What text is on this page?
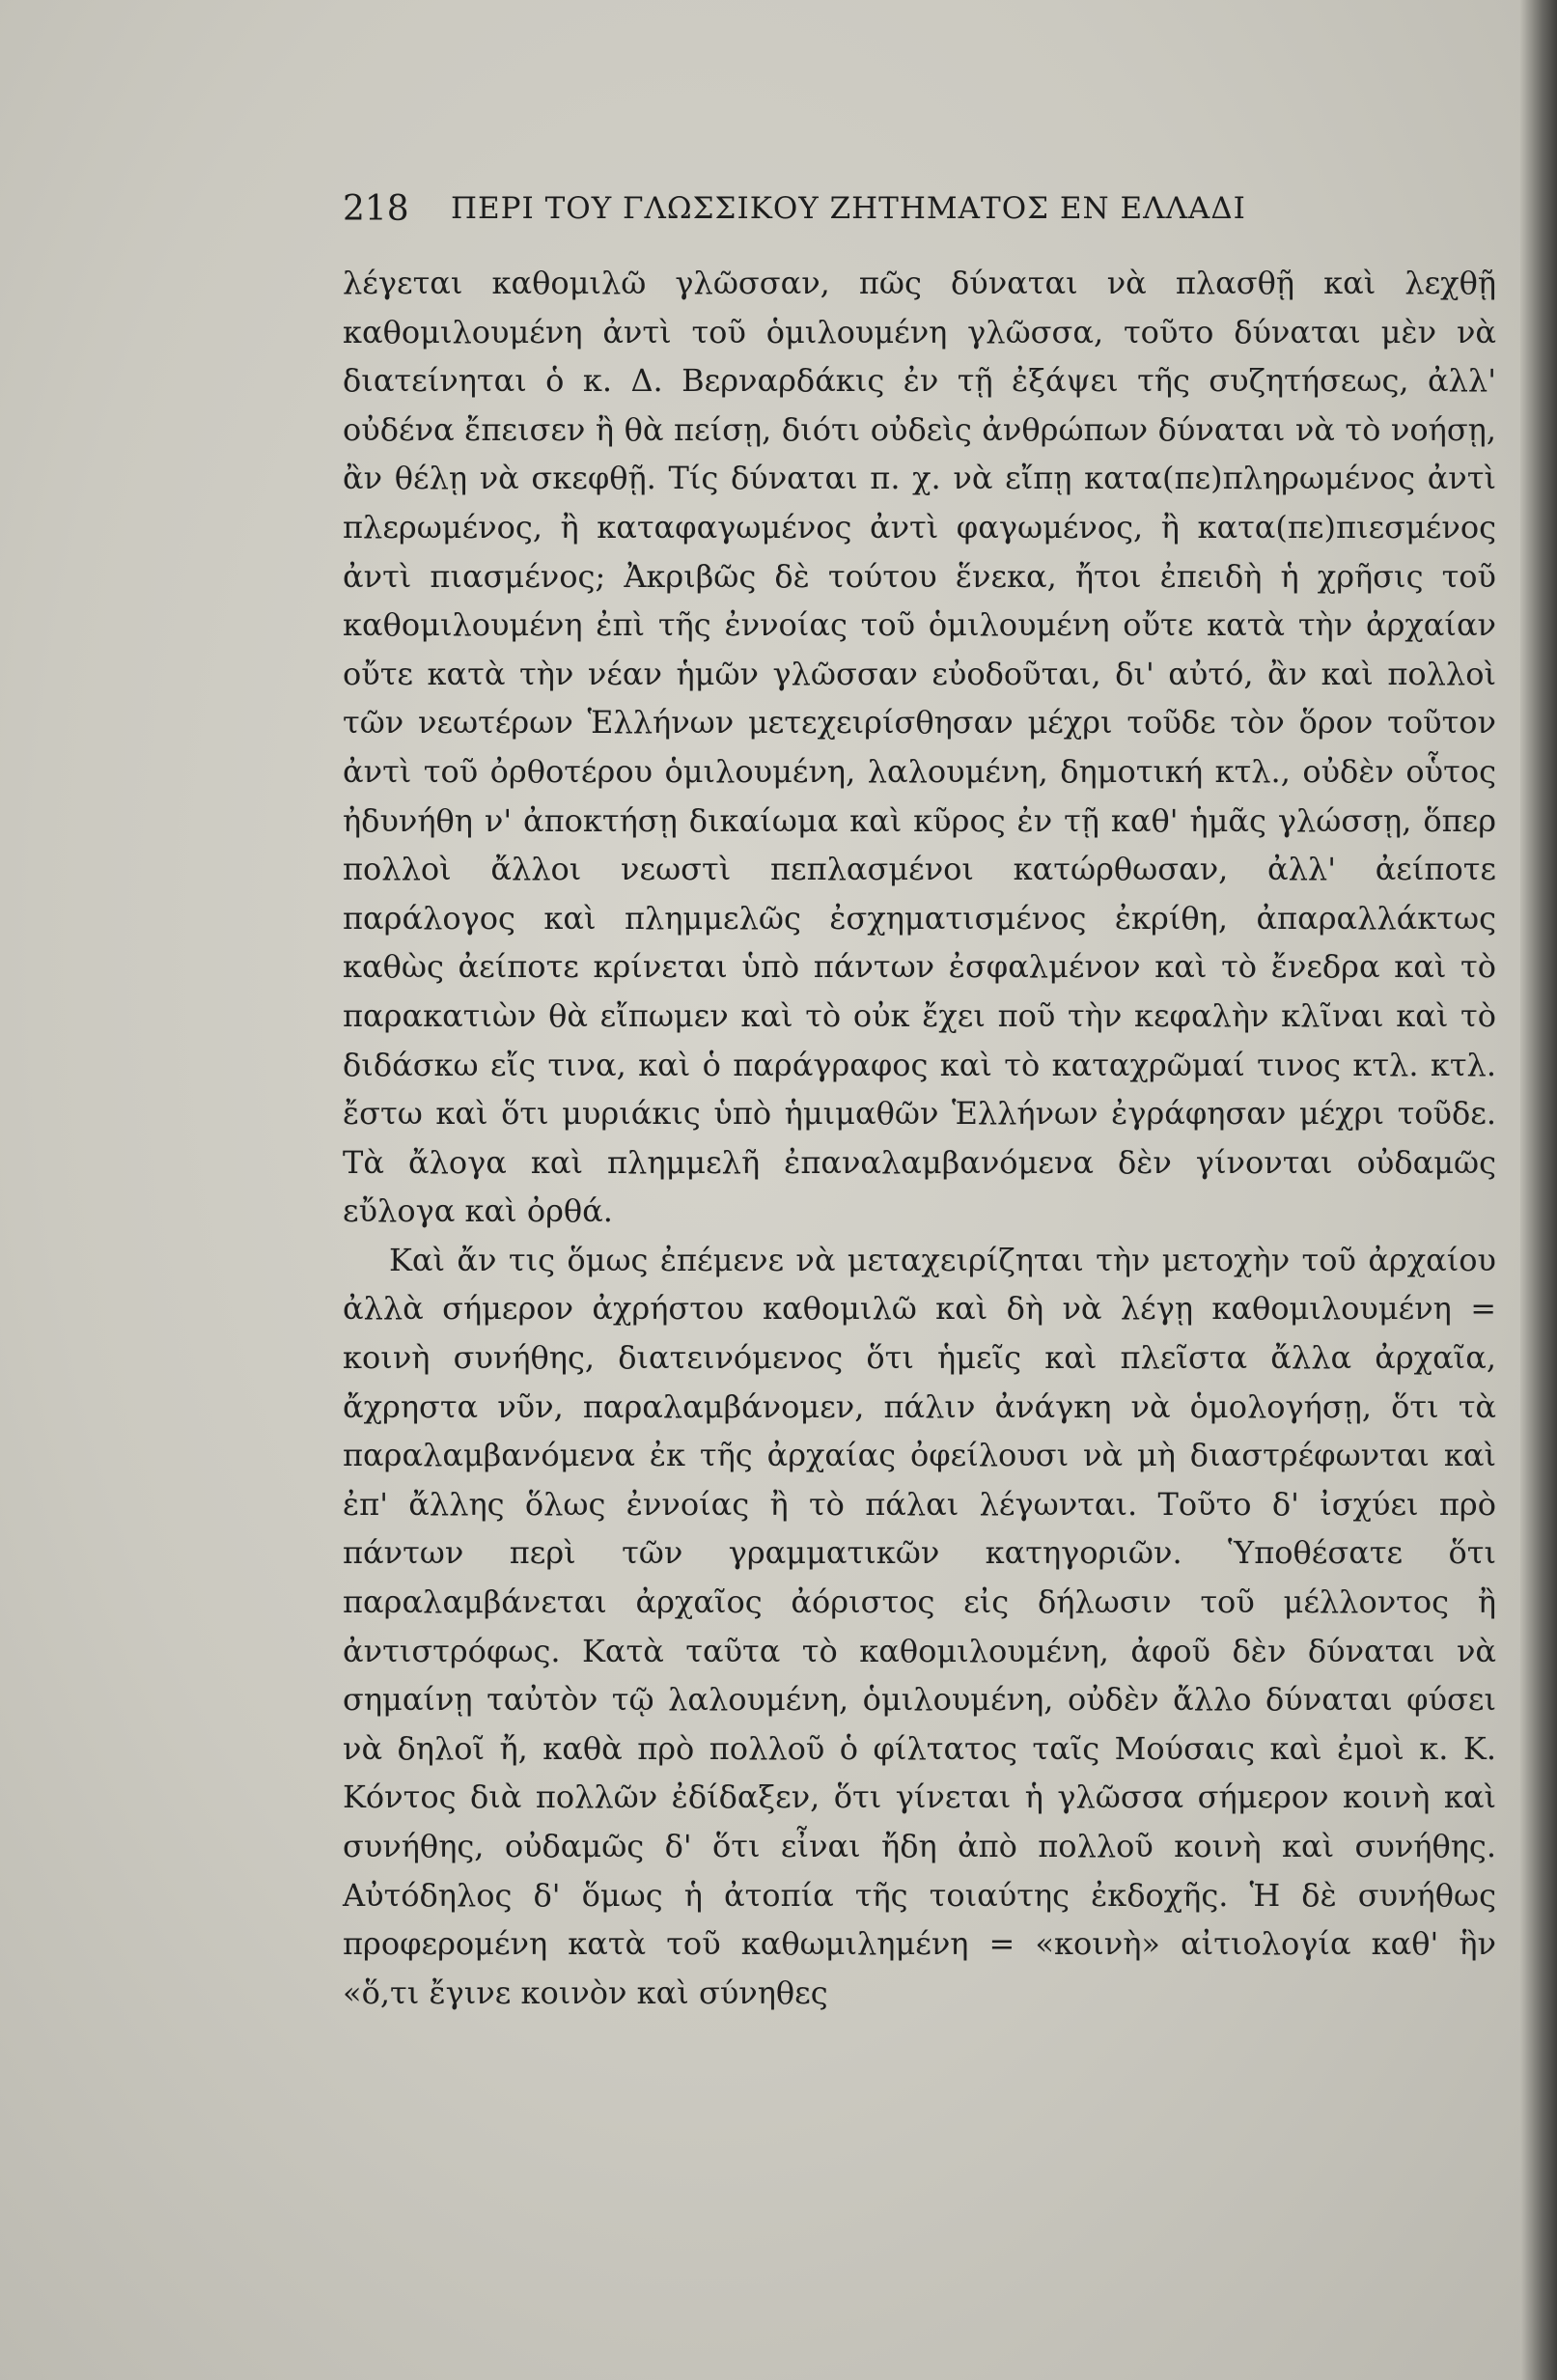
218 ΠΕΡΙ ΤΟΥ ΓΛΩΣΣΙΚΟΥ ΖΗΤΗΜΑΤΟΣ ΕΝ ΕΛΛΑΔΙ

λέγεται καθομιλῶ γλῶσσαν, πῶς δύναται νὰ πλασθῇ καὶ λεχθῇ καθομιλουμένη ἀντὶ τοῦ ὁμιλουμένη γλῶσσα, τοῦτο δύναται μὲν νὰ διατείνηται ὁ κ. Δ. Βερναρδάκις ἐν τῇ ἐξάψει τῆς συζητήσεως, ἀλλ' οὐδένα ἔπεισεν ἢ θὰ πείσῃ, διότι οὐδεὶς ἀνθρώπων δύναται νὰ τὸ νοήσῃ, ἂν θέλῃ νὰ σκεφθῇ. Τίς δύναται π. χ. νὰ εἴπῃ κατα(πε)πληρωμένος ἀντὶ πλερωμένος, ἢ καταφαγωμένος ἀντὶ φαγωμένος, ἢ κατα(πε)πιεσμένος ἀντὶ πιασμένος; Ἀκριβῶς δὲ τούτου ἕνεκα, ἤτοι ἐπειδὴ ἡ χρῆσις τοῦ καθομιλουμένη ἐπὶ τῆς ἐννοίας τοῦ ὁμιλουμένη οὔτε κατὰ τὴν ἀρχαίαν οὔτε κατὰ τὴν νέαν ἡμῶν γλῶσσαν εὐοδοῦται, δι' αὐτό, ἂν καὶ πολλοὶ τῶν νεωτέρων Ἑλλήνων μετεχειρίσθησαν μέχρι τοῦδε τὸν ὅρον τοῦτον ἀντὶ τοῦ ὀρθοτέρου ὁμιλουμένη, λαλουμένη, δημοτική κτλ., οὐδὲν οὗτος ἠδυνήθη ν' ἀποκτήσῃ δικαίωμα καὶ κῦρος ἐν τῇ καθ' ἡμᾶς γλώσσῃ, ὅπερ πολλοὶ ἄλλοι νεωστὶ πεπλασμένοι κατώρθωσαν, ἀλλ' ἀείποτε παράλογος καὶ πλημμελῶς ἐσχηματισμένος ἐκρίθη, ἀπαραλλάκτως καθὼς ἀείποτε κρίνεται ὑπὸ πάντων ἐσφαλμένον καὶ τὸ ἔνεδρα καὶ τὸ παρακατιὼν θὰ εἴπωμεν καὶ τὸ οὐκ ἔχει ποῦ τὴν κεφαλὴν κλῖναι καὶ τὸ διδάσκω εἴς τινα, καὶ ὁ παράγραφος καὶ τὸ καταχρῶμαί τινος κτλ. κτλ. ἔστω καὶ ὅτι μυριάκις ὑπὸ ἡμιμαθῶν Ἑλλήνων ἐγράφησαν μέχρι τοῦδε. Τὰ ἄλογα καὶ πλημμελῆ ἐπαναλαμβανόμενα δὲν γίνονται οὐδαμῶς εὔλογα καὶ ὀρθά.

Καὶ ἄν τις ὅμως ἐπέμενε νὰ μεταχειρίζηται τὴν μετοχὴν τοῦ ἀρχαίου ἀλλὰ σήμερον ἀχρήστου καθομιλῶ καὶ δὴ νὰ λέγῃ καθομιλουμένη = κοινὴ συνήθης, διατεινόμενος ὅτι ἡμεῖς καὶ πλεῖστα ἄλλα ἀρχαῖα, ἄχρηστα νῦν, παραλαμβάνομεν, πάλιν ἀνάγκη νὰ ὁμολογήσῃ, ὅτι τὰ παραλαμβανόμενα ἐκ τῆς ἀρχαίας ὀφείλουσι νὰ μὴ διαστρέφωνται καὶ ἐπ' ἄλλης ὅλως ἐννοίας ἢ τὸ πάλαι λέγωνται. Τοῦτο δ' ἰσχύει πρὸ πάντων περὶ τῶν γραμματικῶν κατηγοριῶν. Ὑποθέσατε ὅτι παραλαμβάνεται ἀρχαῖος ἀόριστος εἰς δήλωσιν τοῦ μέλλοντος ἢ ἀντιστρόφως. Κατὰ ταῦτα τὸ καθομιλουμένη, ἀφοῦ δὲν δύναται νὰ σημαίνῃ ταὐτὸν τῷ λαλουμένη, ὁμιλουμένη, οὐδὲν ἄλλο δύναται φύσει νὰ δηλοῖ ἤ, καθὰ πρὸ πολλοῦ ὁ φίλτατος ταῖς Μούσαις καὶ ἐμοὶ κ. Κ. Κόντος διὰ πολλῶν ἐδίδαξεν, ὅτι γίνεται ἡ γλῶσσα σήμερον κοινὴ καὶ συνήθης, οὐδαμῶς δ' ὅτι εἶναι ἤδη ἀπὸ πολλοῦ κοινὴ καὶ συνήθης. Αὐτόδηλος δ' ὅμως ἡ ἀτοπία τῆς τοιαύτης ἐκδοχῆς. Ἡ δὲ συνήθως προφερομένη κατὰ τοῦ καθωμιλημένη = «κοινὴ» αἰτιολογία καθ' ἣν «ὅ,τι ἔγινε κοινὸν καὶ σύνηθες
